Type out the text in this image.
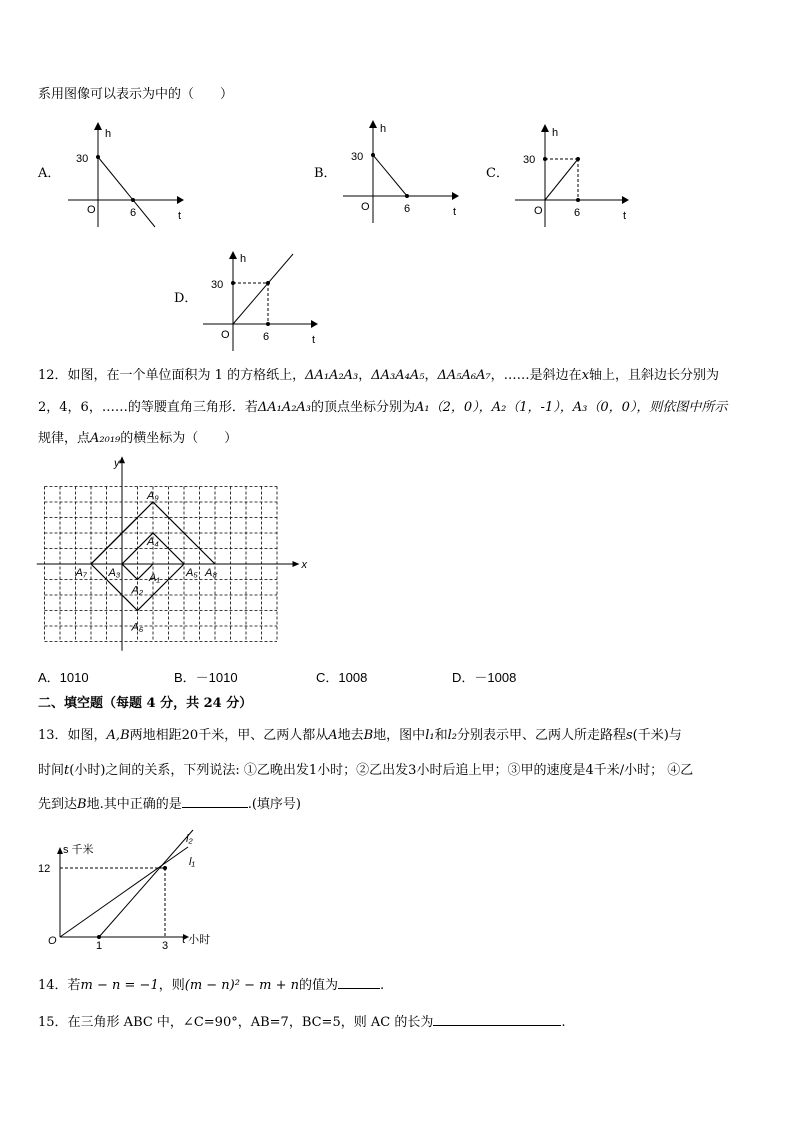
系用图像可以表示为中的（　　）
A．
h
30
O	6	t
B．
h
30
O	6	t
C．
h
30
O	6	t
D．
h
30
O	6	t
12．如图，在一个单位面积为 1 的方格纸上，ΔA₁A₂A₃，ΔA₃A₄A₅，ΔA₅A₆A₇，……是斜边在x轴上，且斜边长分别为
2，4，6，……的等腰直角三角形．若ΔA₁A₂A₃的顶点坐标分别为A₁（2，0），A₂（1，-1），A₃（0，0），则依图中所示
规律，点A₂₀₁₉的横坐标为（　　）
x
y
A₁
A₂
A₃
A₄
A₅
A₆
A₇	A₈
A₉
A．1010	B．－1010	C．1008	D．－1008
二、填空题（每题 4 分，共 24 分）
13．如图，A,B两地相距20千米，甲、乙两人都从A地去B地，图中l₁和l₂分别表示甲、乙两人所走路程s(千米)与
时间t(小时)之间的关系，下列说法: ①乙晚出发1小时；②乙出发3小时后追上甲；③甲的速度是4千米/小时； ④乙
先到达B地.其中正确的是	.(填序号)
s 千米
12
O	1	3 t 小时
l₂
l₁
14．若m − n = −1，则(m − n)² − m + n的值为	.
15．在三角形 ABC 中，∠C=90°，AB=7，BC=5，则 AC 的长为	.
